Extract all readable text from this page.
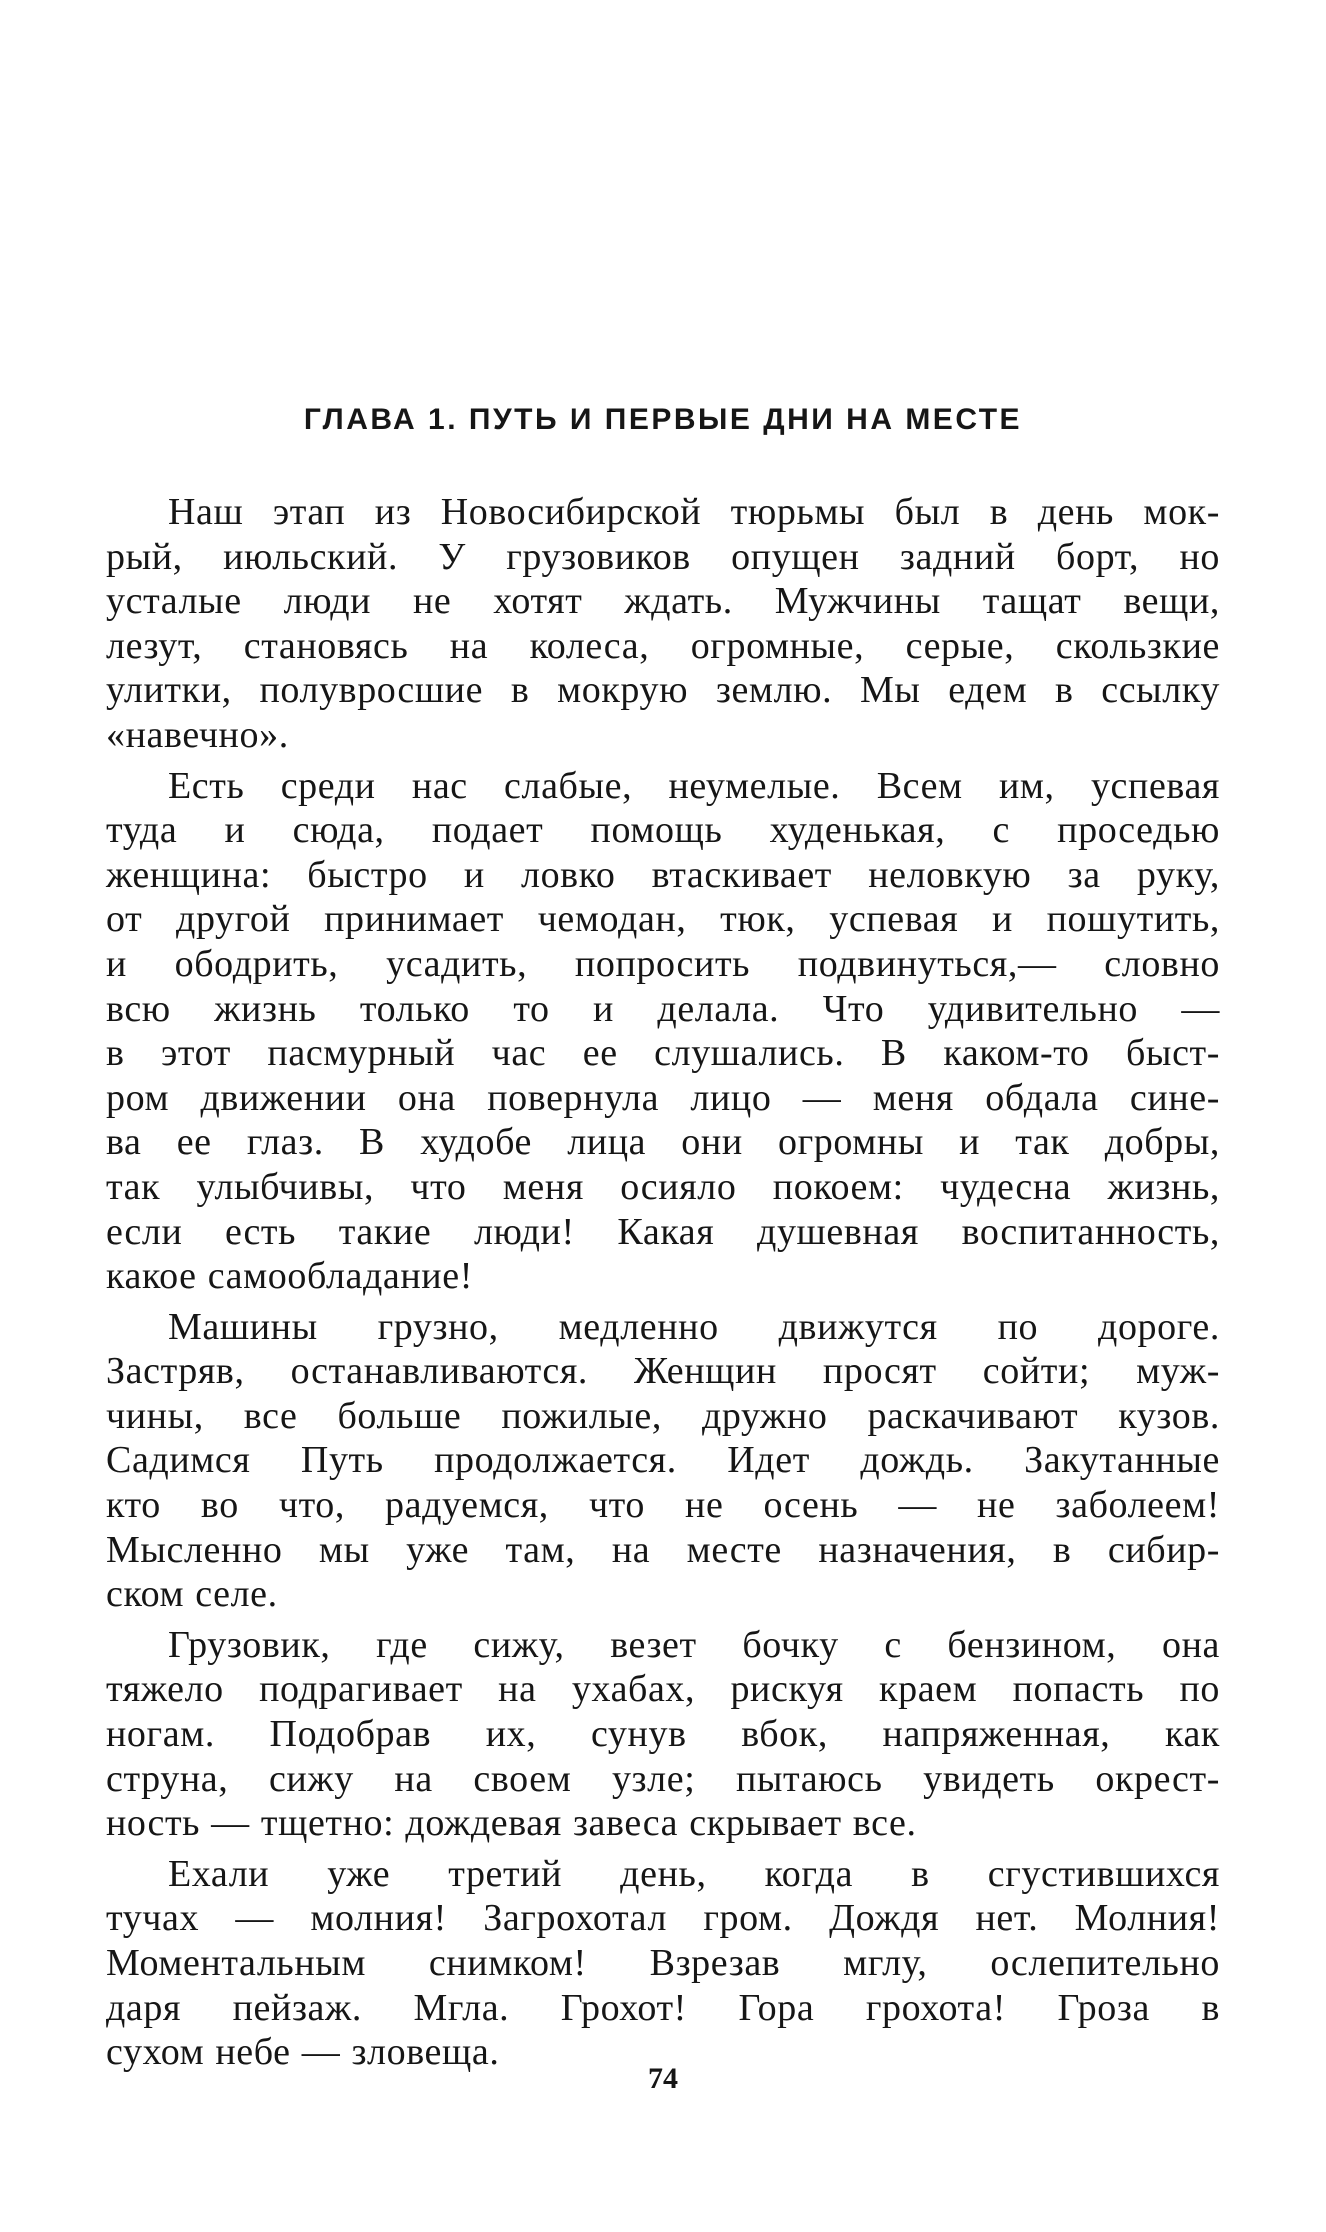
ГЛАВА 1. ПУТЬ И ПЕРВЫЕ ДНИ НА МЕСТЕ
Наш этап из Новосибирской тюрьмы был в день мок-
рый, июльский. У грузовиков опущен задний борт, но
усталые люди не хотят ждать. Мужчины тащат вещи,
лезут, становясь на колеса, огромные, серые, скользкие
улитки, полувросшие в мокрую землю. Мы едем в ссылку
«навечно».
Есть среди нас слабые, неумелые. Всем им, успевая
туда и сюда, подает помощь худенькая, с проседью
женщина: быстро и ловко втаскивает неловкую за руку,
от другой принимает чемодан, тюк, успевая и пошутить,
и ободрить, усадить, попросить подвинуться,— словно
всю жизнь только то и делала. Что удивительно —
в этот пасмурный час ее слушались. В каком-то быст-
ром движении она повернула лицо — меня обдала сине-
ва ее глаз. В худобе лица они огромны и так добры,
так улыбчивы, что меня осияло покоем: чудесна жизнь,
если есть такие люди! Какая душевная воспитанность,
какое самообладание!
Машины грузно, медленно движутся по дороге.
Застряв, останавливаются. Женщин просят сойти; муж-
чины, все больше пожилые, дружно раскачивают кузов.
Садимся Путь продолжается. Идет дождь. Закутанные
кто во что, радуемся, что не осень — не заболеем!
Мысленно мы уже там, на месте назначения, в сибир-
ском селе.
Грузовик, где сижу, везет бочку с бензином, она
тяжело подрагивает на ухабах, рискуя краем попасть по
ногам. Подобрав их, сунув вбок, напряженная, как
струна, сижу на своем узле; пытаюсь увидеть окрест-
ность — тщетно: дождевая завеса скрывает все.
Ехали уже третий день, когда в сгустившихся
тучах — молния! Загрохотал гром. Дождя нет. Молния!
Моментальным снимком! Взрезав мглу, ослепительно
даря пейзаж. Мгла. Грохот! Гора грохота! Гроза в
сухом небе — зловеща.
74
